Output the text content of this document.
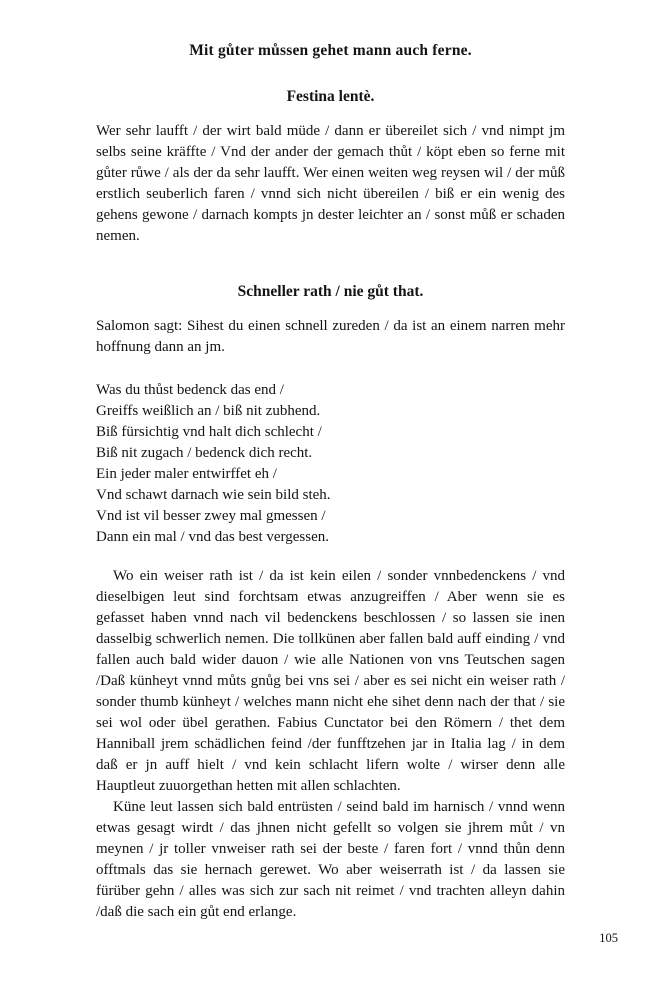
Mit gůter můssen gehet mann auch ferne.
Festina lentè.

Wer sehr laufft / der wirt bald müde / dann er übereilet sich / vnd nimpt jm selbs seine kräffte / Vnd der ander der gemach thůt / köpt eben so ferne mit gůter růwe / als der da sehr laufft. Wer einen weiten weg reysen wil / der můß erstlich seuberlich faren / vnnd sich nicht übereilen / biß er ein wenig des gehens gewone / darnach kompts jn dester leichter an / sonst můß er schaden nemen.

Schneller rath / nie gůt that.

Salomon sagt: Sihest du einen schnell zureden / da ist an einem narren mehr hoffnung dann an jm.

Was du thůst bedenck das end /
Greiffs weißlich an / biß nit zubhend.
Biß fürsichtig vnd halt dich schlecht /
Biß nit zugach / bedenck dich recht.
Ein jeder maler entwirffet eh /
Vnd schawt darnach wie sein bild steh.
Vnd ist vil besser zwey mal gmessen /
Dann ein mal / vnd das best vergessen.

Wo ein weiser rath ist / da ist kein eilen / sonder vnnbedenckens / vnd dieselbigen leut sind forchtsam etwas anzugreiffen / Aber wenn sie es gefasset haben vnnd nach vil bedenckens beschlossen / so lassen sie inen dasselbig schwerlich nemen. Die tollkünen aber fallen bald auff einding / vnd fallen auch bald wider dauon / wie alle Nationen von vns Teutschen sagen /Daß künheyt vnnd můts gnůg bei vns sei / aber es sei nicht ein weiser rath / sonder thumb künheyt / welches mann nicht ehe sihet denn nach der that / sie sei wol oder übel gerathen. Fabius Cunctator bei den Römern / thet dem Hanniball jrem schädlichen feind /der funfftzehen jar in Italia lag / in dem daß er jn auff hielt / vnd kein schlacht lifern wolte / wirser denn alle Hauptleut zuuorgethan hetten mit allen schlachten.

Küne leut lassen sich bald entrüsten / seind bald im harnisch / vnnd wenn etwas gesagt wirdt / das jhnen nicht gefellt so volgen sie jhrem můt / vn meynen / jr toller vnweiser rath sei der beste / faren fort / vnnd thůn denn offtmals das sie hernach gerewet. Wo aber weiserrath ist / da lassen sie fürüber gehn / alles was sich zur sach nit reimet / vnd trachten alleyn dahin /daß die sach ein gůt end erlange.

105
